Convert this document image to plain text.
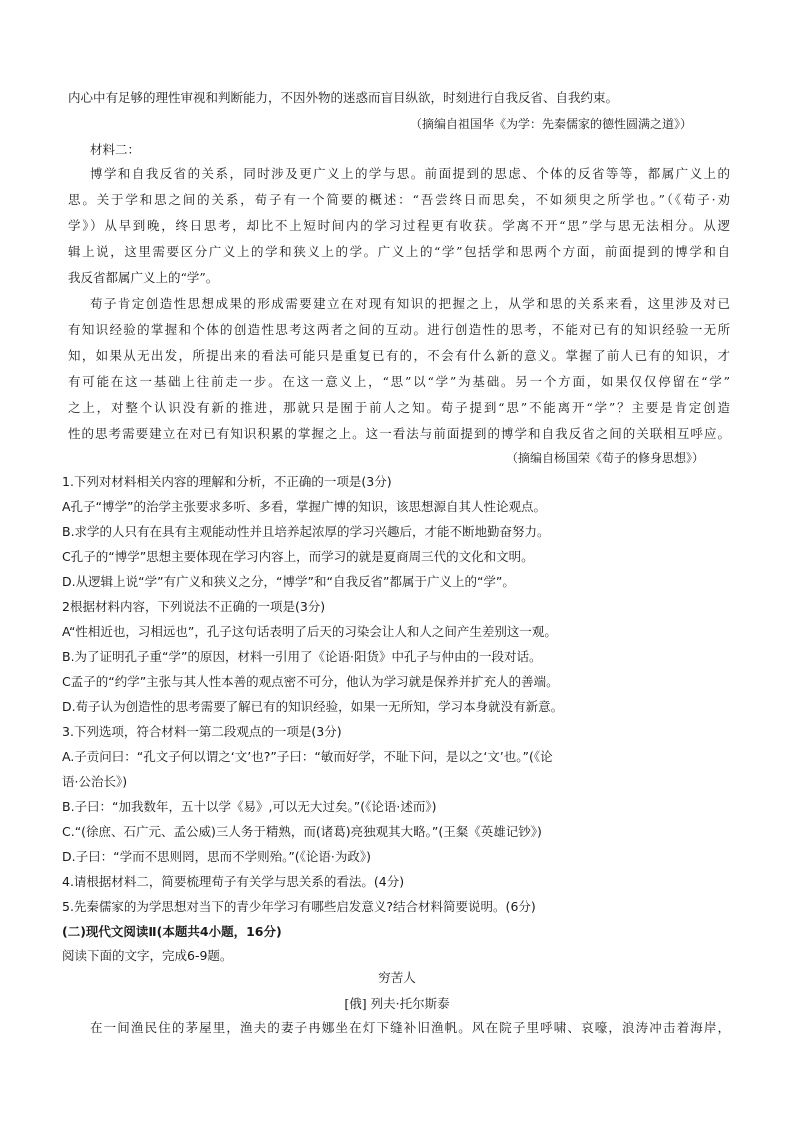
内心中有足够的理性审视和判断能力，不因外物的迷惑而盲目纵欲，时刻进行自我反省、自我约束。
（摘编自祖国华《为学：先秦儒家的德性圆满之道》）
材料二：
博学和自我反省的关系，同时涉及更广义上的学与思。前面提到的思虑、个体的反省等等，都属广义上的
思。关于学和思之间的关系，荀子有一个简要的概述：“吾尝终日而思矣，不如须臾之所学也。”（《荀子·劝
学》）从早到晚，终日思考，却比不上短时间内的学习过程更有收获。学离不开“思”学与思无法相分。从逻
辑上说，这里需要区分广义上的学和狭义上的学。广义上的“学”包括学和思两个方面，前面提到的博学和自
我反省都属广义上的“学”。
荀子肯定创造性思想成果的形成需要建立在对现有知识的把握之上，从学和思的关系来看，这里涉及对已
有知识经验的掌握和个体的创造性思考这两者之间的互动。进行创造性的思考，不能对已有的知识经验一无所
知，如果从无出发，所提出来的看法可能只是重复已有的，不会有什么新的意义。掌握了前人已有的知识，才
有可能在这一基础上往前走一步。在这一意义上，“思”以“学”为基础。另一个方面，如果仅仅停留在“学”
之上，对整个认识没有新的推进，那就只是囿于前人之知。荀子提到“思”不能离开“学”？主要是肯定创造
性的思考需要建立在对已有知识积累的掌握之上。这一看法与前面提到的博学和自我反省之间的关联相互呼应。
（摘编自杨国荣《荀子的修身思想》）
1.下列对材料相关内容的理解和分析，不正确的一项是(3分)
A孔子“博学”的治学主张要求多听、多看，掌握广博的知识，该思想源自其人性论观点。
B.求学的人只有在具有主观能动性并且培养起浓厚的学习兴趣后，才能不断地勤奋努力。
C孔子的“博学”思想主要体现在学习内容上，而学习的就是夏商周三代的文化和文明。
D.从逻辑上说“学”有广义和狭义之分，“博学”和“自我反省”都属于广义上的“学”。
2根据材料内容，下列说法不正确的一项是(3分)
A“性相近也，习相远也”，孔子这句话表明了后天的习染会让人和人之间产生差别这一观。
B.为了证明孔子重“学”的原因，材料一引用了《论语·阳货》中孔子与仲由的一段对话。
C孟子的“约学”主张与其人性本善的观点密不可分，他认为学习就是保养并扩充人的善端。
D.荀子认为创造性的思考需要了解已有的知识经验，如果一无所知，学习本身就没有新意。
3.下列选项，符合材料一第二段观点的一项是(3分)
A.子贡问曰：“孔文子何以谓之‘文’也?”子曰：“敏而好学，不耻下问，是以之‘文’也。”(《论
语·公治长》)
B.子曰：“加我数年，五十以学《易》,可以无大过矣。”(《论语·述而》)
C.“(徐庶、石广元、孟公威)三人务于精熟，而(诸葛)亮独观其大略。”(王粲《英雄记钞》)
D.子曰：“学而不思则罔，思而不学则殆。”(《论语·为政》)
4.请根据材料二，简要梳理荀子有关学与思关系的看法。(4分)
5.先秦儒家的为学思想对当下的青少年学习有哪些启发意义?结合材料简要说明。(6分)
(二)现代文阅读Ⅱ(本题共4小题，16分)
阅读下面的文字，完成6-9题。
穷苦人
[俄] 列夫·托尔斯泰
在一间渔民住的茅屋里，渔夫的妻子冉娜坐在灯下缝补旧渔帆。风在院子里呼啸、哀嚎，浪涛冲击着海岸，
